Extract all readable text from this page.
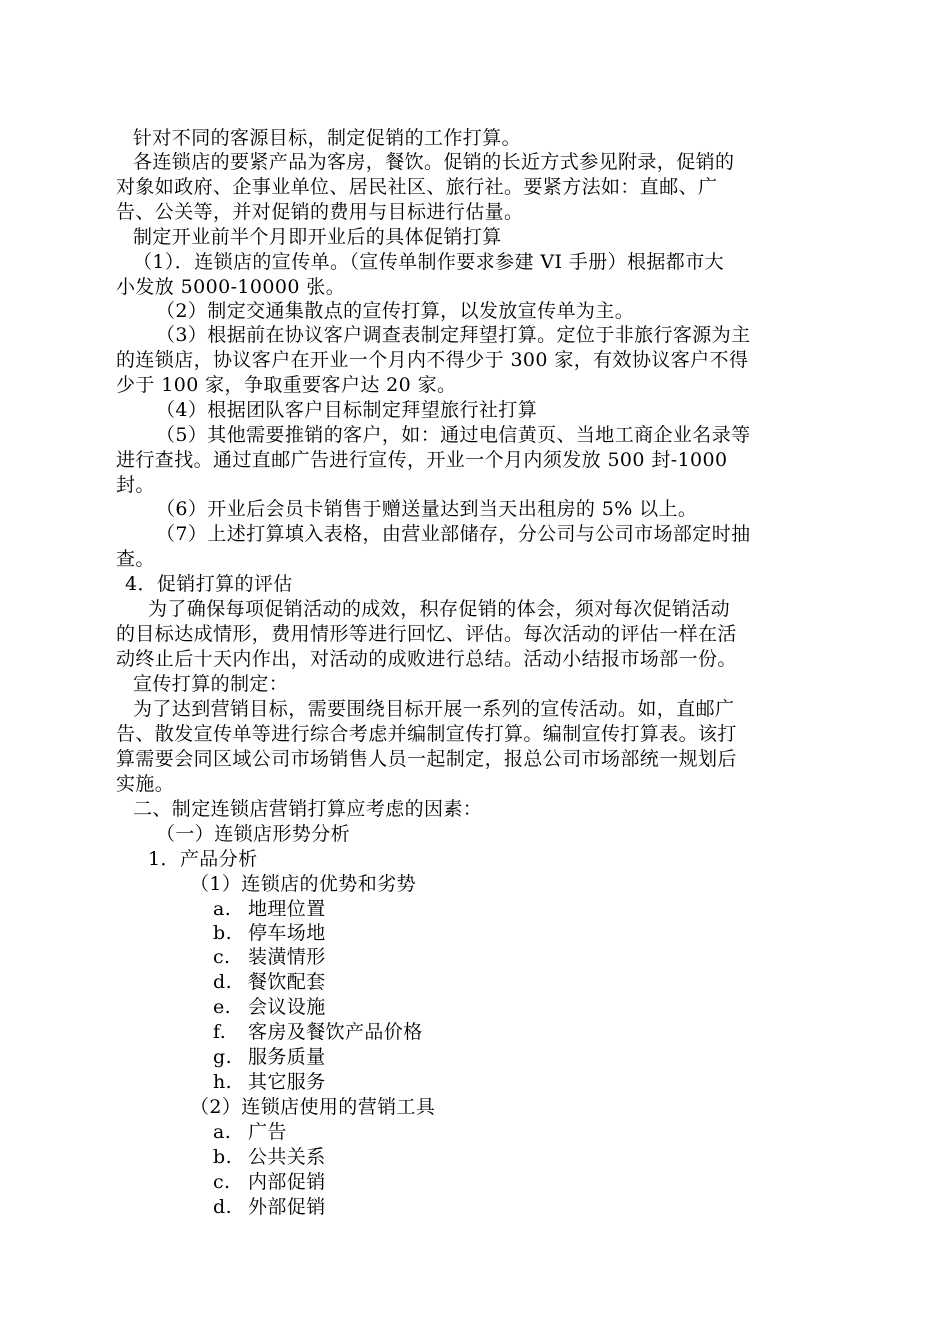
针对不同的客源目标，制定促销的工作打算。
各连锁店的要紧产品为客房，餐饮。促销的长近方式参见附录，促销的
对象如政府、企事业单位、居民社区、旅行社。要紧方法如：直邮、广
告、公关等，并对促销的费用与目标进行估量。
制定开业前半个月即开业后的具体促销打算
（1）．连锁店的宣传单。（宣传单制作要求参建 VI 手册）根据都市大
小发放 5000-10000 张。
（2）制定交通集散点的宣传打算，以发放宣传单为主。
（3）根据前在协议客户调查表制定拜望打算。定位于非旅行客源为主
的连锁店，协议客户在开业一个月内不得少于 300 家，有效协议客户不得
少于 100 家，争取重要客户达 20 家。
（4）根据团队客户目标制定拜望旅行社打算
（5）其他需要推销的客户，如：通过电信黄页、当地工商企业名录等
进行查找。通过直邮广告进行宣传，开业一个月内须发放 500 封-1000
封。
（6）开业后会员卡销售于赠送量达到当天出租房的 5% 以上。
（7）上述打算填入表格，由营业部储存，分公司与公司市场部定时抽
查。
4．促销打算的评估
为了确保每项促销活动的成效，积存促销的体会，须对每次促销活动
的目标达成情形，费用情形等进行回忆、评估。每次活动的评估一样在活
动终止后十天内作出，对活动的成败进行总结。活动小结报市场部一份。
宣传打算的制定：
为了达到营销目标，需要围绕目标开展一系列的宣传活动。如，直邮广
告、散发宣传单等进行综合考虑并编制宣传打算。编制宣传打算表。该打
算需要会同区域公司市场销售人员一起制定，报总公司市场部统一规划后
实施。
二、制定连锁店营销打算应考虑的因素：
（一）连锁店形势分析
1．产品分析
（1）连锁店的优势和劣势
a. 地理位置
b. 停车场地
c. 装潢情形
d. 餐饮配套
e. 会议设施
f. 客房及餐饮产品价格
g. 服务质量
h. 其它服务
（2）连锁店使用的营销工具
a. 广告
b. 公共关系
c. 内部促销
d. 外部促销
